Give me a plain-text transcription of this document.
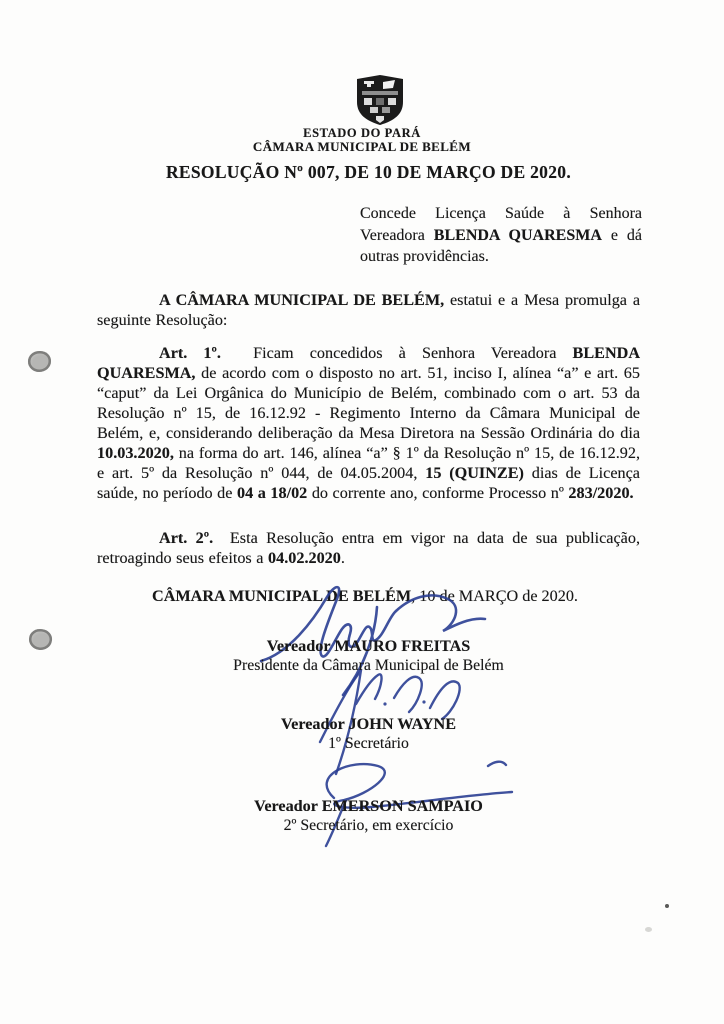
ESTADO DO PARÁ
CÂMARA MUNICIPAL DE BELÉM
RESOLUÇÃO Nº 007, DE 10 DE MARÇO DE 2020.
Concede Licença Saúde à Senhora Vereadora BLENDA QUARESMA e dá outras providências.
A CÂMARA MUNICIPAL DE BELÉM, estatui e a Mesa promulga a seguinte Resolução:
Art. 1º.  Ficam concedidos à Senhora Vereadora BLENDA QUARESMA, de acordo com o disposto no art. 51, inciso I, alínea “a” e art. 65 “caput” da Lei Orgânica do Município de Belém, combinado com o art. 53 da Resolução nº 15, de 16.12.92 - Regimento Interno da Câmara Municipal de Belém, e, considerando deliberação da Mesa Diretora na Sessão Ordinária do dia 10.03.2020, na forma do art. 146, alínea “a” § 1º da Resolução nº 15, de 16.12.92, e art. 5º da Resolução nº 044, de 04.05.2004, 15 (QUINZE) dias de Licença saúde, no período de 04 a 18/02 do corrente ano, conforme Processo nº 283/2020.
Art. 2º.  Esta Resolução entra em vigor na data de sua publicação, retroagindo seus efeitos a 04.02.2020.
CÂMARA MUNICIPAL DE BELÉM, 10 de MARÇO de 2020.
Vereador MAURO FREITAS
Presidente da Câmara Municipal de Belém
Vereador JOHN WAYNE
1º Secretário
Vereador EMERSON SAMPAIO
2º Secretário, em exercício
